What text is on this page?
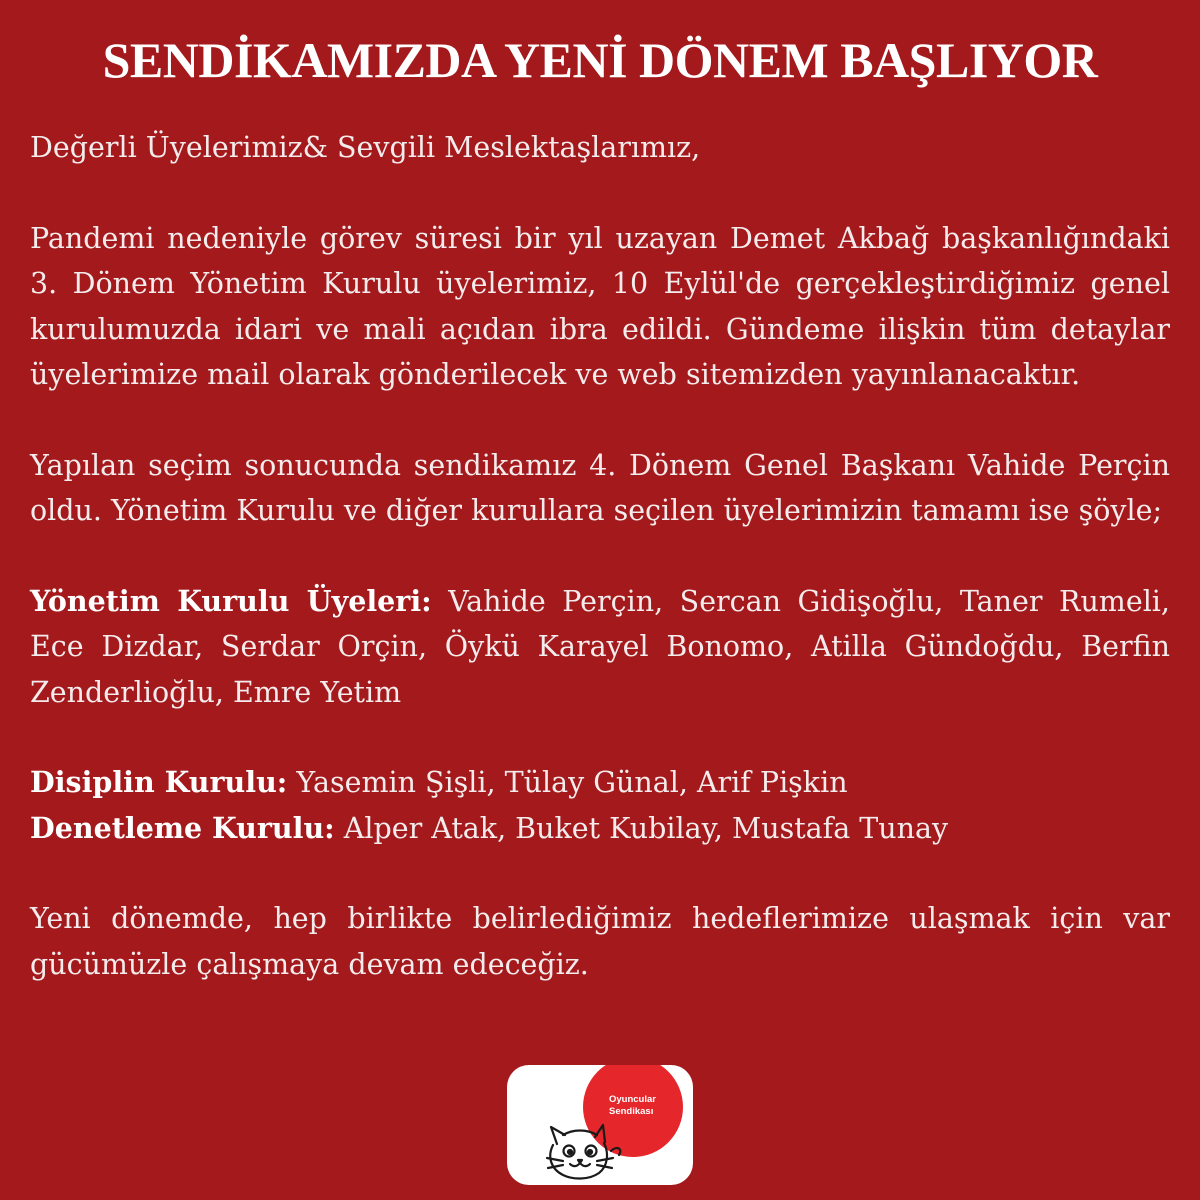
SENDİKAMIZDA YENİ DÖNEM BAŞLIYOR

Değerli Üyelerimiz& Sevgili Meslektaşlarımız,

Pandemi nedeniyle görev süresi bir yıl uzayan Demet Akbağ başkanlığındaki 3. Dönem Yönetim Kurulu üyelerimiz, 10 Eylül'de gerçekleştirdiğimiz genel kurulumuzda idari ve mali açıdan ibra edildi. Gündeme ilişkin tüm detaylar üyelerimize mail olarak gönderilecek ve web sitemizden yayınlanacaktır.

Yapılan seçim sonucunda sendikamız 4. Dönem Genel Başkanı Vahide Perçin oldu. Yönetim Kurulu ve diğer kurullara seçilen üyelerimizin tamamı ise şöyle;

Yönetim Kurulu Üyeleri: Vahide Perçin, Sercan Gidişoğlu, Taner Rumeli, Ece Dizdar, Serdar Orçin, Öykü Karayel Bonomo, Atilla Gündoğdu, Berfin Zenderlioğlu, Emre Yetim

Disiplin Kurulu: Yasemin Şişli, Tülay Günal, Arif Pişkin

Denetleme Kurulu: Alper Atak, Buket Kubilay, Mustafa Tunay

Yeni dönemde, hep birlikte belirlediğimiz hedeflerimize ulaşmak için var gücümüzle çalışmaya devam edeceğiz.

Oyuncular
Sendikası
